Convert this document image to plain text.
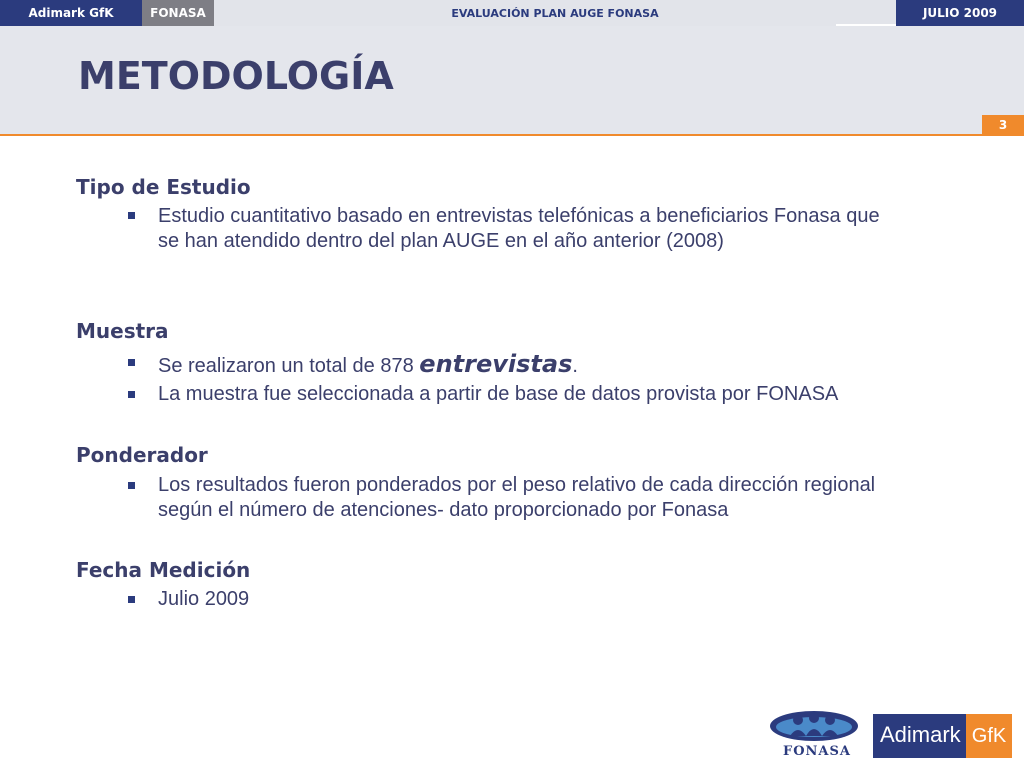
Adimark GfK	FONASA	EVALUACIÓN PLAN AUGE FONASA	JULIO 2009
METODOLOGÍA
3
Tipo de Estudio
Estudio cuantitativo basado en entrevistas telefónicas a beneficiarios Fonasa que
se han atendido dentro del plan AUGE en el año anterior (2008)
Muestra
Se realizaron un total de 878 entrevistas.
La muestra fue seleccionada a partir de base de datos provista por FONASA
Ponderador
Los resultados fueron ponderados por el peso relativo de cada dirección regional
según el número de atenciones- dato proporcionado por Fonasa
Fecha Medición
Julio 2009
FONASA
Adimark GfK
